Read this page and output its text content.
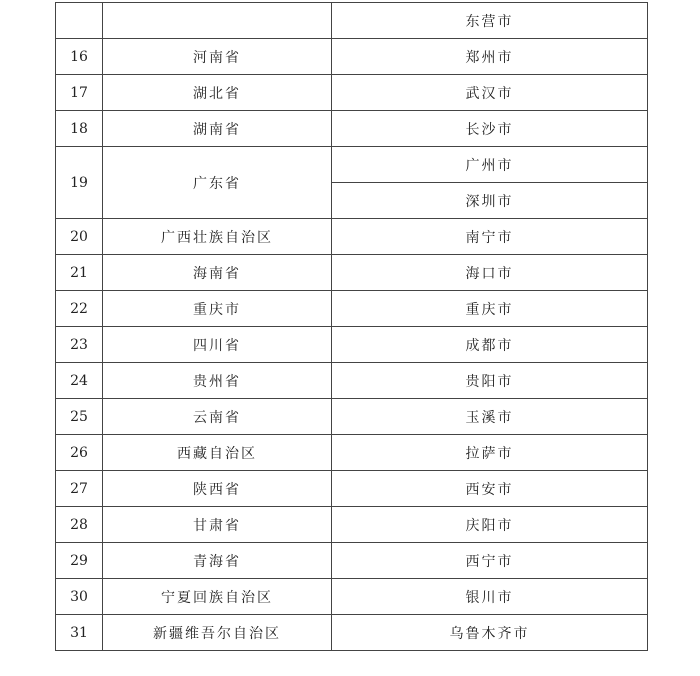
		东营市
16	河南省	郑州市
17	湖北省	武汉市
18	湖南省	长沙市
19	广东省	广州市
		深圳市
20	广西壮族自治区	南宁市
21	海南省	海口市
22	重庆市	重庆市
23	四川省	成都市
24	贵州省	贵阳市
25	云南省	玉溪市
26	西藏自治区	拉萨市
27	陕西省	西安市
28	甘肃省	庆阳市
29	青海省	西宁市
30	宁夏回族自治区	银川市
31	新疆维吾尔自治区	乌鲁木齐市
